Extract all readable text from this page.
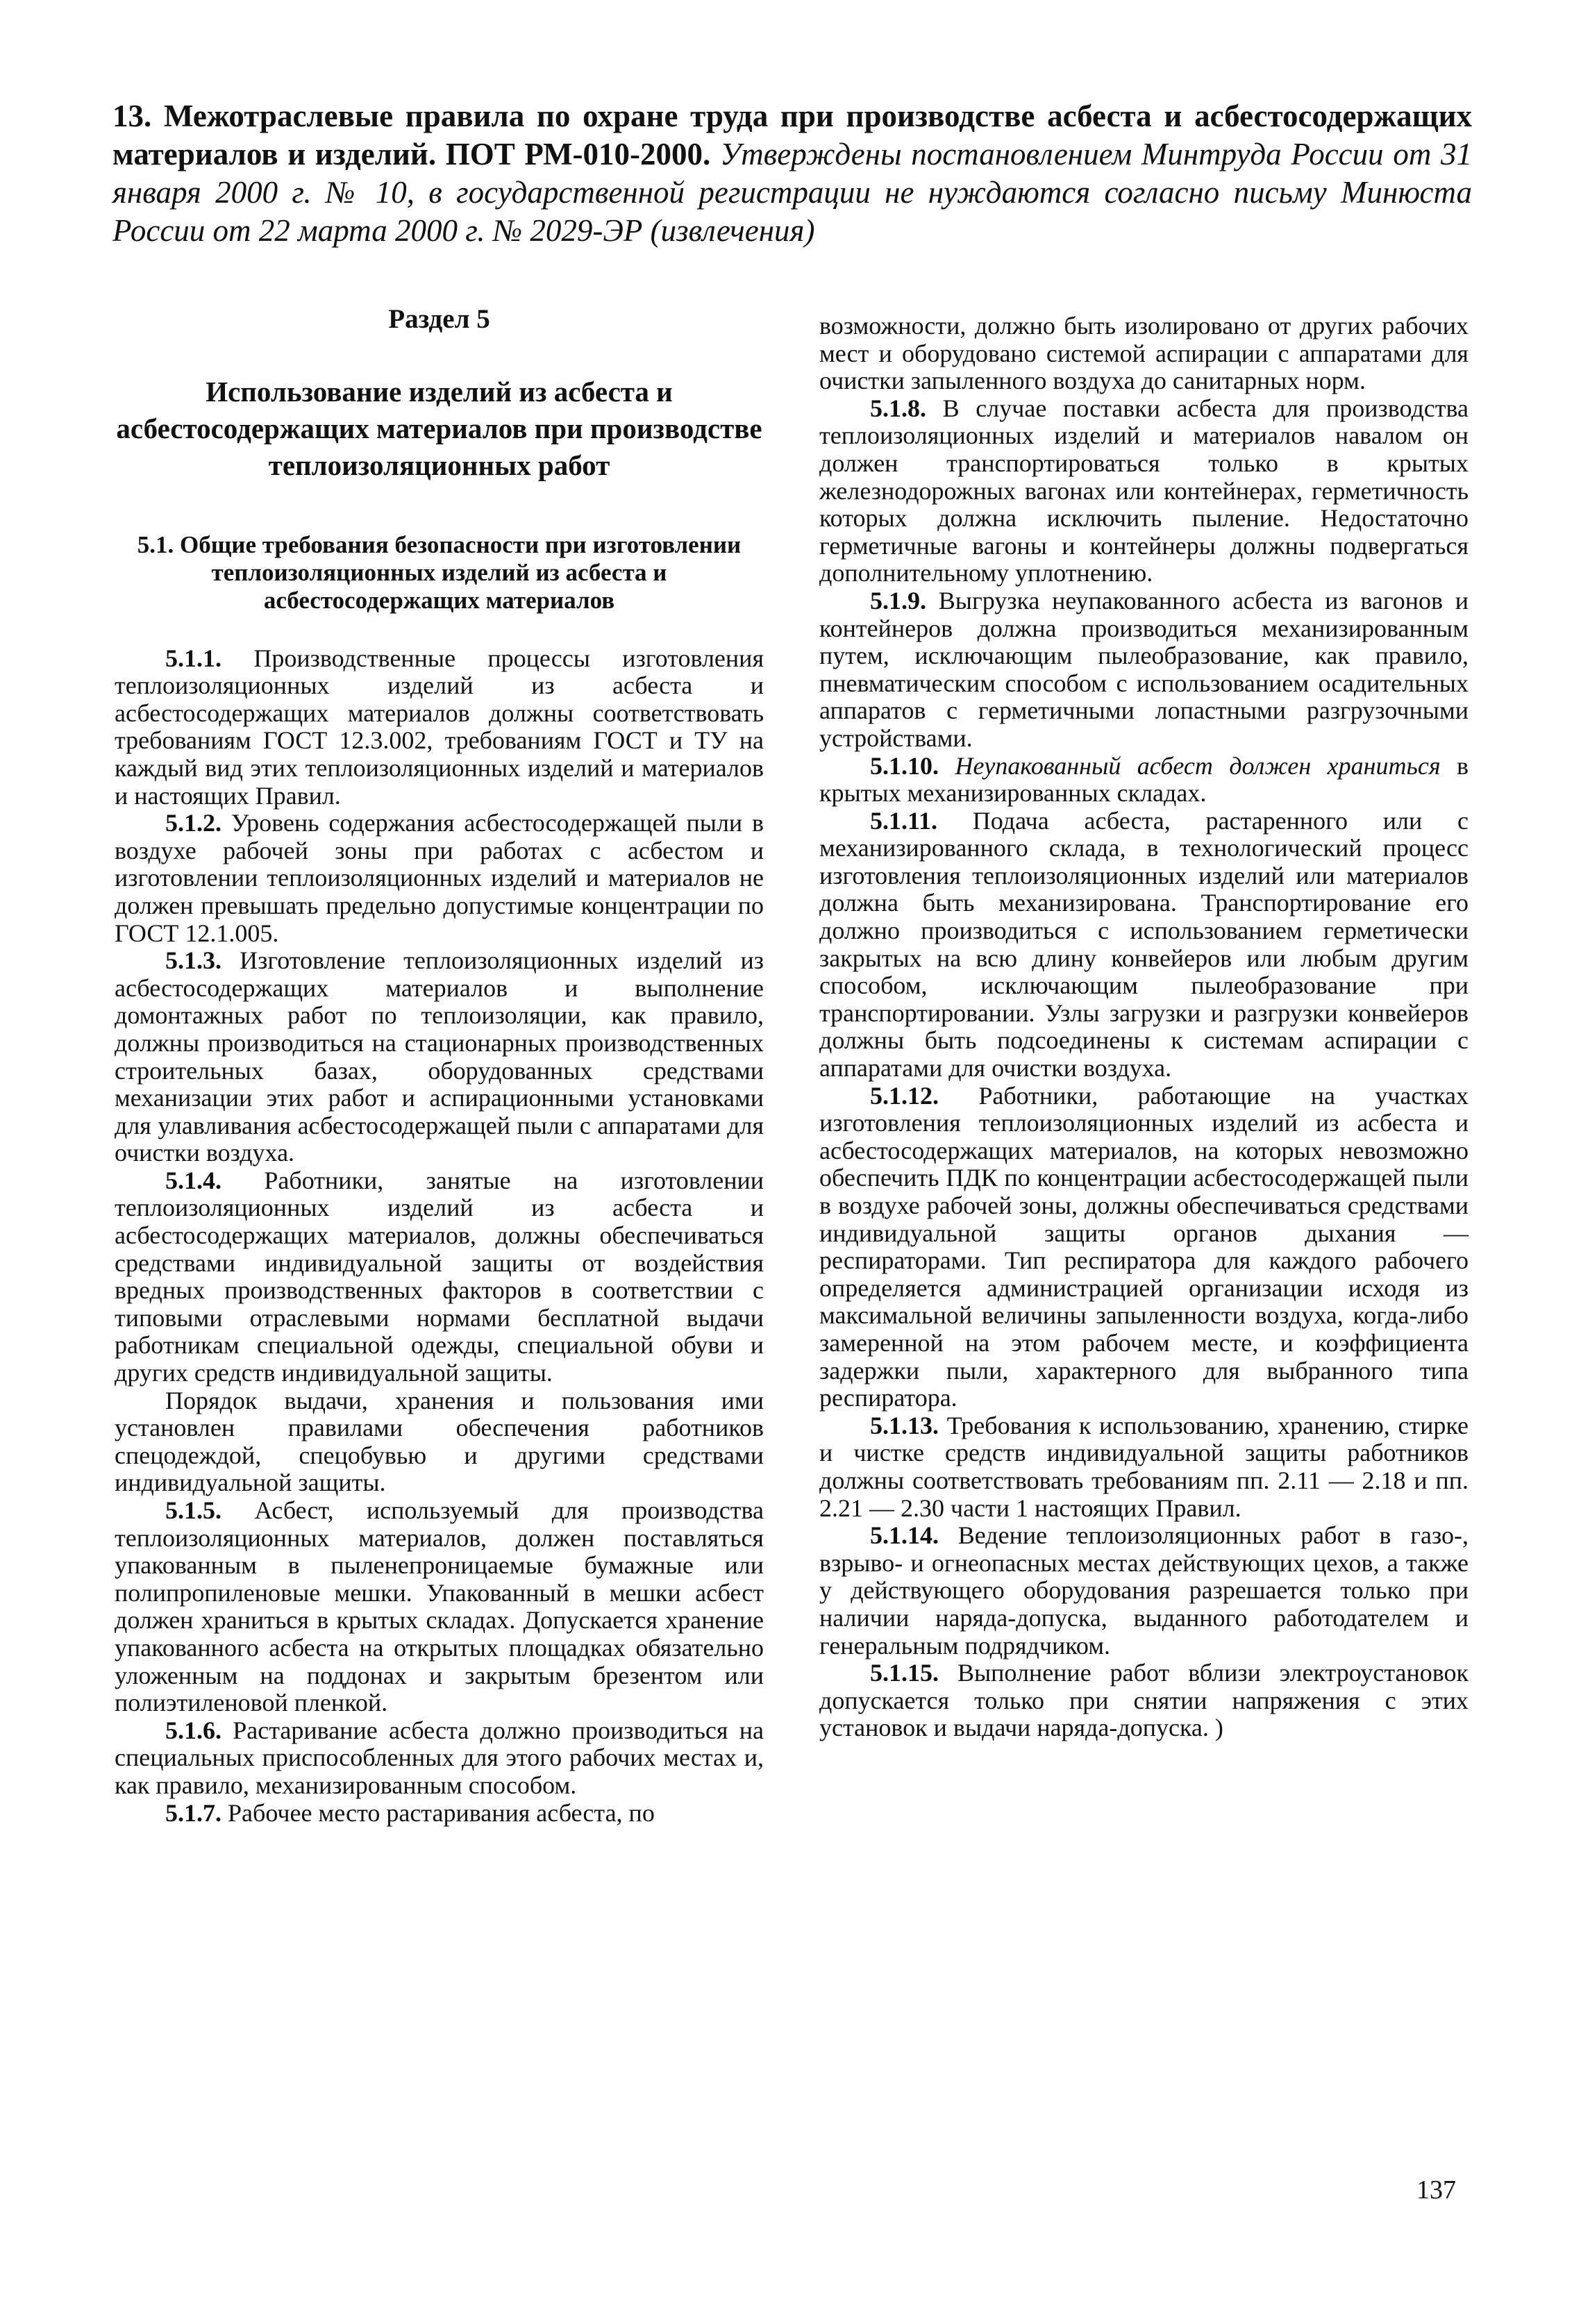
13. Межотраслевые правила по охране труда при производстве асбеста и асбестосодержащих материалов и изделий. ПОТ РМ-010-2000. Утверждены постановлением Минтруда России от 31 января 2000 г. № 10, в государственной регистрации не нуждаются согласно письму Минюста России от 22 марта 2000 г. № 2029-ЭР (извлечения)

Раздел 5

Использование изделий из асбеста и асбестосодержащих материалов при производстве теплоизоляционных работ

5.1. Общие требования безопасности при изготовлении теплоизоляционных изделий из асбеста и асбестосодержащих материалов

5.1.1. Производственные процессы изготовления теплоизоляционных изделий из асбеста и асбестосодержащих материалов должны соответствовать требованиям ГОСТ 12.3.002, требованиям ГОСТ и ТУ на каждый вид этих теплоизоляционных изделий и материалов и настоящих Правил.

5.1.2. Уровень содержания асбестосодержащей пыли в воздухе рабочей зоны при работах с асбестом и изготовлении теплоизоляционных изделий и материалов не должен превышать предельно допустимые концентрации по ГОСТ 12.1.005.

5.1.3. Изготовление теплоизоляционных изделий из асбестосодержащих материалов и выполнение домонтажных работ по теплоизоляции, как правило, должны производиться на стационарных производственных строительных базах, оборудованных средствами механизации этих работ и аспирационными установками для улавливания асбестосодержащей пыли с аппаратами для очистки воздуха.

5.1.4. Работники, занятые на изготовлении теплоизоляционных изделий из асбеста и асбестосодержащих материалов, должны обеспечиваться средствами индивидуальной защиты от воздействия вредных производственных факторов в соответствии с типовыми отраслевыми нормами бесплатной выдачи работникам специальной одежды, специальной обуви и других средств индивидуальной защиты.

Порядок выдачи, хранения и пользования ими установлен правилами обеспечения работников спецодеждой, спецобувью и другими средствами индивидуальной защиты.

5.1.5. Асбест, используемый для производства теплоизоляционных материалов, должен поставляться упакованным в пыленепроницаемые бумажные или полипропиленовые мешки. Упакованный в мешки асбест должен храниться в крытых складах. Допускается хранение упакованного асбеста на открытых площадках обязательно уложенным на поддонах и закрытым брезентом или полиэтиленовой пленкой.

5.1.6. Растаривание асбеста должно производиться на специальных приспособленных для этого рабочих местах и, как правило, механизированным способом.

5.1.7. Рабочее место растаривания асбеста, по

возможности, должно быть изолировано от других рабочих мест и оборудовано системой аспирации с аппаратами для очистки запыленного воздуха до санитарных норм.

5.1.8. В случае поставки асбеста для производства теплоизоляционных изделий и материалов навалом он должен транспортироваться только в крытых железнодорожных вагонах или контейнерах, герметичность которых должна исключить пыление. Недостаточно герметичные вагоны и контейнеры должны подвергаться дополнительному уплотнению.

5.1.9. Выгрузка неупакованного асбеста из вагонов и контейнеров должна производиться механизированным путем, исключающим пылеобразование, как правило, пневматическим способом с использованием осадительных аппаратов с герметичными лопастными разгрузочными устройствами.

5.1.10. Неупакованный асбест должен храниться в крытых механизированных складах.

5.1.11. Подача асбеста, растаренного или с механизированного склада, в технологический процесс изготовления теплоизоляционных изделий или материалов должна быть механизирована. Транспортирование его должно производиться с использованием герметически закрытых на всю длину конвейеров или любым другим способом, исключающим пылеобразование при транспортировании. Узлы загрузки и разгрузки конвейеров должны быть подсоединены к системам аспирации с аппаратами для очистки воздуха.

5.1.12. Работники, работающие на участках изготовления теплоизоляционных изделий из асбеста и асбестосодержащих материалов, на которых невозможно обеспечить ПДК по концентрации асбестосодержащей пыли в воздухе рабочей зоны, должны обеспечиваться средствами индивидуальной защиты органов дыхания — респираторами. Тип респиратора для каждого рабочего определяется администрацией организации исходя из максимальной величины запыленности воздуха, когда-либо замеренной на этом рабочем месте, и коэффициента задержки пыли, характерного для выбранного типа респиратора.

5.1.13. Требования к использованию, хранению, стирке и чистке средств индивидуальной защиты работников должны соответствовать требованиям пп. 2.11 — 2.18 и пп. 2.21 — 2.30 части 1 настоящих Правил.

5.1.14. Ведение теплоизоляционных работ в газо-, взрыво- и огнеопасных местах действующих цехов, а также у действующего оборудования разрешается только при наличии наряда-допуска, выданного работодателем и генеральным подрядчиком.

5.1.15. Выполнение работ вблизи электроустановок допускается только при снятии напряжения с этих установок и выдачи наряда-допуска. )

137
